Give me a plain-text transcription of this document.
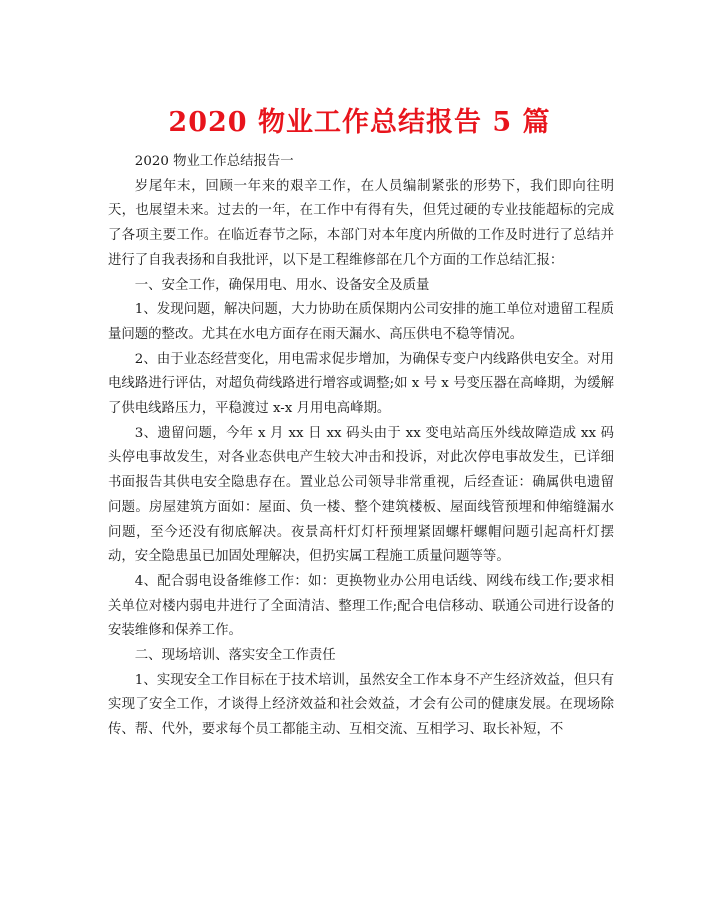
2020 物业工作总结报告 5 篇

2020 物业工作总结报告一

岁尾年末，回顾一年来的艰辛工作，在人员编制紧张的形势下，我们即向往明天，也展望未来。过去的一年，在工作中有得有失，但凭过硬的专业技能超标的完成了各项主要工作。在临近春节之际，本部门对本年度内所做的工作及时进行了总结并进行了自我表扬和自我批评，以下是工程维修部在几个方面的工作总结汇报：

一、安全工作，确保用电、用水、设备安全及质量

1、发现问题，解决问题，大力协助在质保期内公司安排的施工单位对遗留工程质量问题的整改。尤其在水电方面存在雨天漏水、高压供电不稳等情况。

2、由于业态经营变化，用电需求促步增加，为确保专变户内线路供电安全。对用电线路进行评估，对超负荷线路进行增容或调整;如 x 号 x 号变压器在高峰期，为缓解了供电线路压力，平稳渡过 x-x 月用电高峰期。

3、遗留问题，今年 x 月 xx 日 xx 码头由于 xx 变电站高压外线故障造成 xx 码头停电事故发生，对各业态供电产生较大冲击和投诉，对此次停电事故发生，已详细书面报告其供电安全隐患存在。置业总公司领导非常重视，后经查证：确属供电遗留问题。房屋建筑方面如：屋面、负一楼、整个建筑楼板、屋面线管预埋和伸缩缝漏水问题，至今还没有彻底解决。夜景高杆灯灯杆预埋紧固螺杆螺帽问题引起高杆灯摆动，安全隐患虽已加固处理解决，但扔实属工程施工质量问题等等。

4、配合弱电设备维修工作：如：更换物业办公用电话线、网线布线工作;要求相关单位对楼内弱电井进行了全面清洁、整理工作;配合电信移动、联通公司进行设备的安装维修和保养工作。

二、现场培训、落实安全工作责任

1、实现安全工作目标在于技术培训，虽然安全工作本身不产生经济效益，但只有实现了安全工作，才谈得上经济效益和社会效益，才会有公司的健康发展。在现场除传、帮、代外，要求每个员工都能主动、互相交流、互相学习、取长补短，不
